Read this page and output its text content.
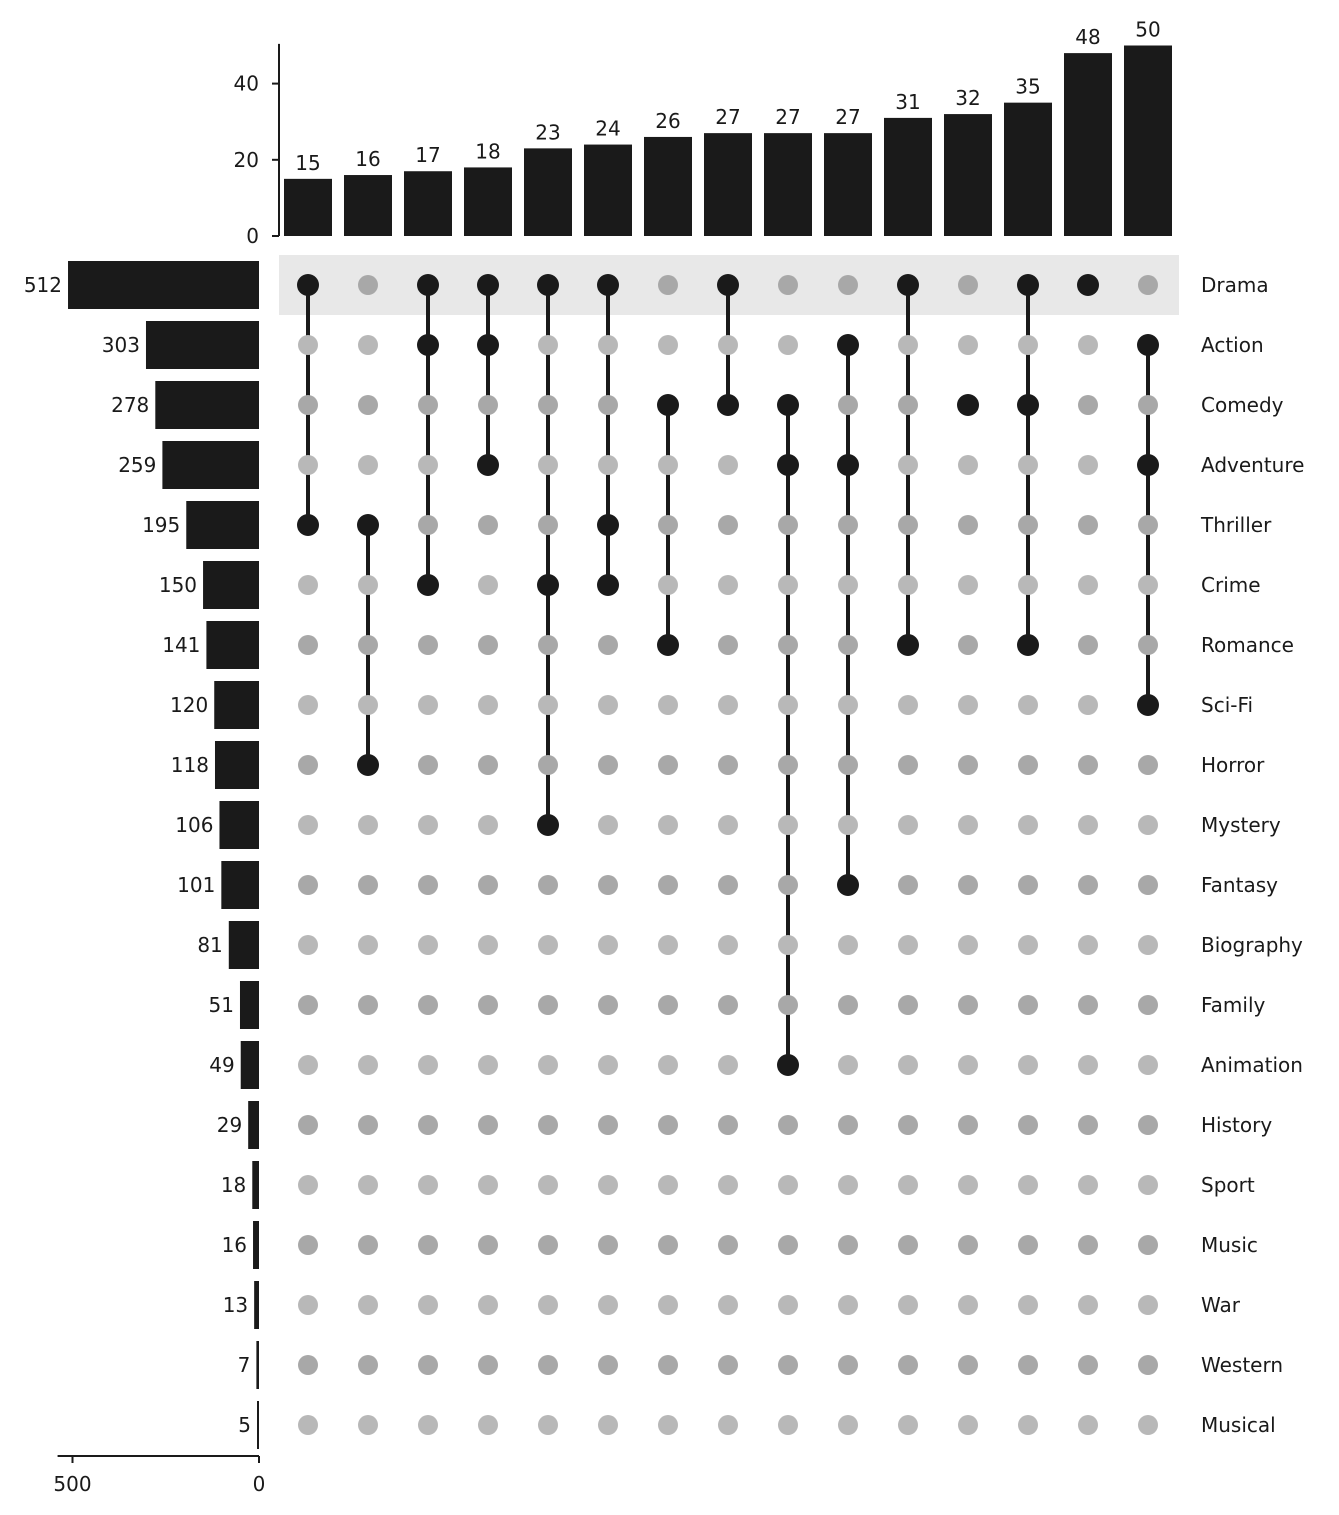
0
20
40
15 16 17 18
23 24 26 27 27 27
31 32 35
48 50
500	0
512
303
278
259
195
150
141
120
118
106
101
81
51
49
29
18
16
13
7
5
Drama
Action
Comedy
Adventure
Thriller
Crime
Romance
Sci-Fi
Horror
Mystery
Fantasy
Biography
Family
Animation
History
Sport
Music
War
Western
Musical
